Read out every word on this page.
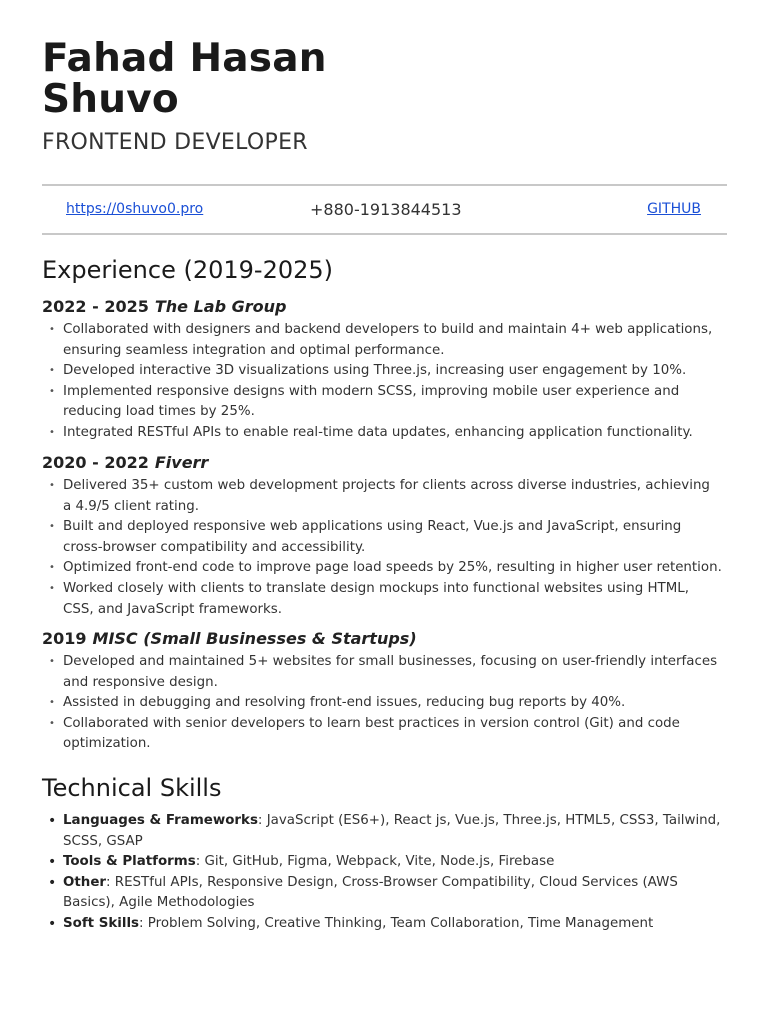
Fahad Hasan
Shuvo
FRONTEND DEVELOPER
https://0shuvo0.pro	+880-1913844513	GITHUB
Experience (2019-2025)
2022 - 2025 The Lab Group
• Collaborated with designers and backend developers to build and maintain 4+ web applications, ensuring seamless integration and optimal performance.
• Developed interactive 3D visualizations using Three.js, increasing user engagement by 10%.
• Implemented responsive designs with modern SCSS, improving mobile user experience and reducing load times by 25%.
• Integrated RESTful APIs to enable real-time data updates, enhancing application functionality.
2020 - 2022 Fiverr
• Delivered 35+ custom web development projects for clients across diverse industries, achieving a 4.9/5 client rating.
• Built and deployed responsive web applications using React, Vue.js and JavaScript, ensuring cross-browser compatibility and accessibility.
• Optimized front-end code to improve page load speeds by 25%, resulting in higher user retention.
• Worked closely with clients to translate design mockups into functional websites using HTML, CSS, and JavaScript frameworks.
2019 MISC (Small Businesses & Startups)
• Developed and maintained 5+ websites for small businesses, focusing on user-friendly interfaces and responsive design.
• Assisted in debugging and resolving front-end issues, reducing bug reports by 40%.
• Collaborated with senior developers to learn best practices in version control (Git) and code optimization.
Technical Skills
• Languages & Frameworks: JavaScript (ES6+), React js, Vue.js, Three.js, HTML5, CSS3, Tailwind, SCSS, GSAP
• Tools & Platforms: Git, GitHub, Figma, Webpack, Vite, Node.js, Firebase
• Other: RESTful APIs, Responsive Design, Cross-Browser Compatibility, Cloud Services (AWS Basics), Agile Methodologies
• Soft Skills: Problem Solving, Creative Thinking, Team Collaboration, Time Management
